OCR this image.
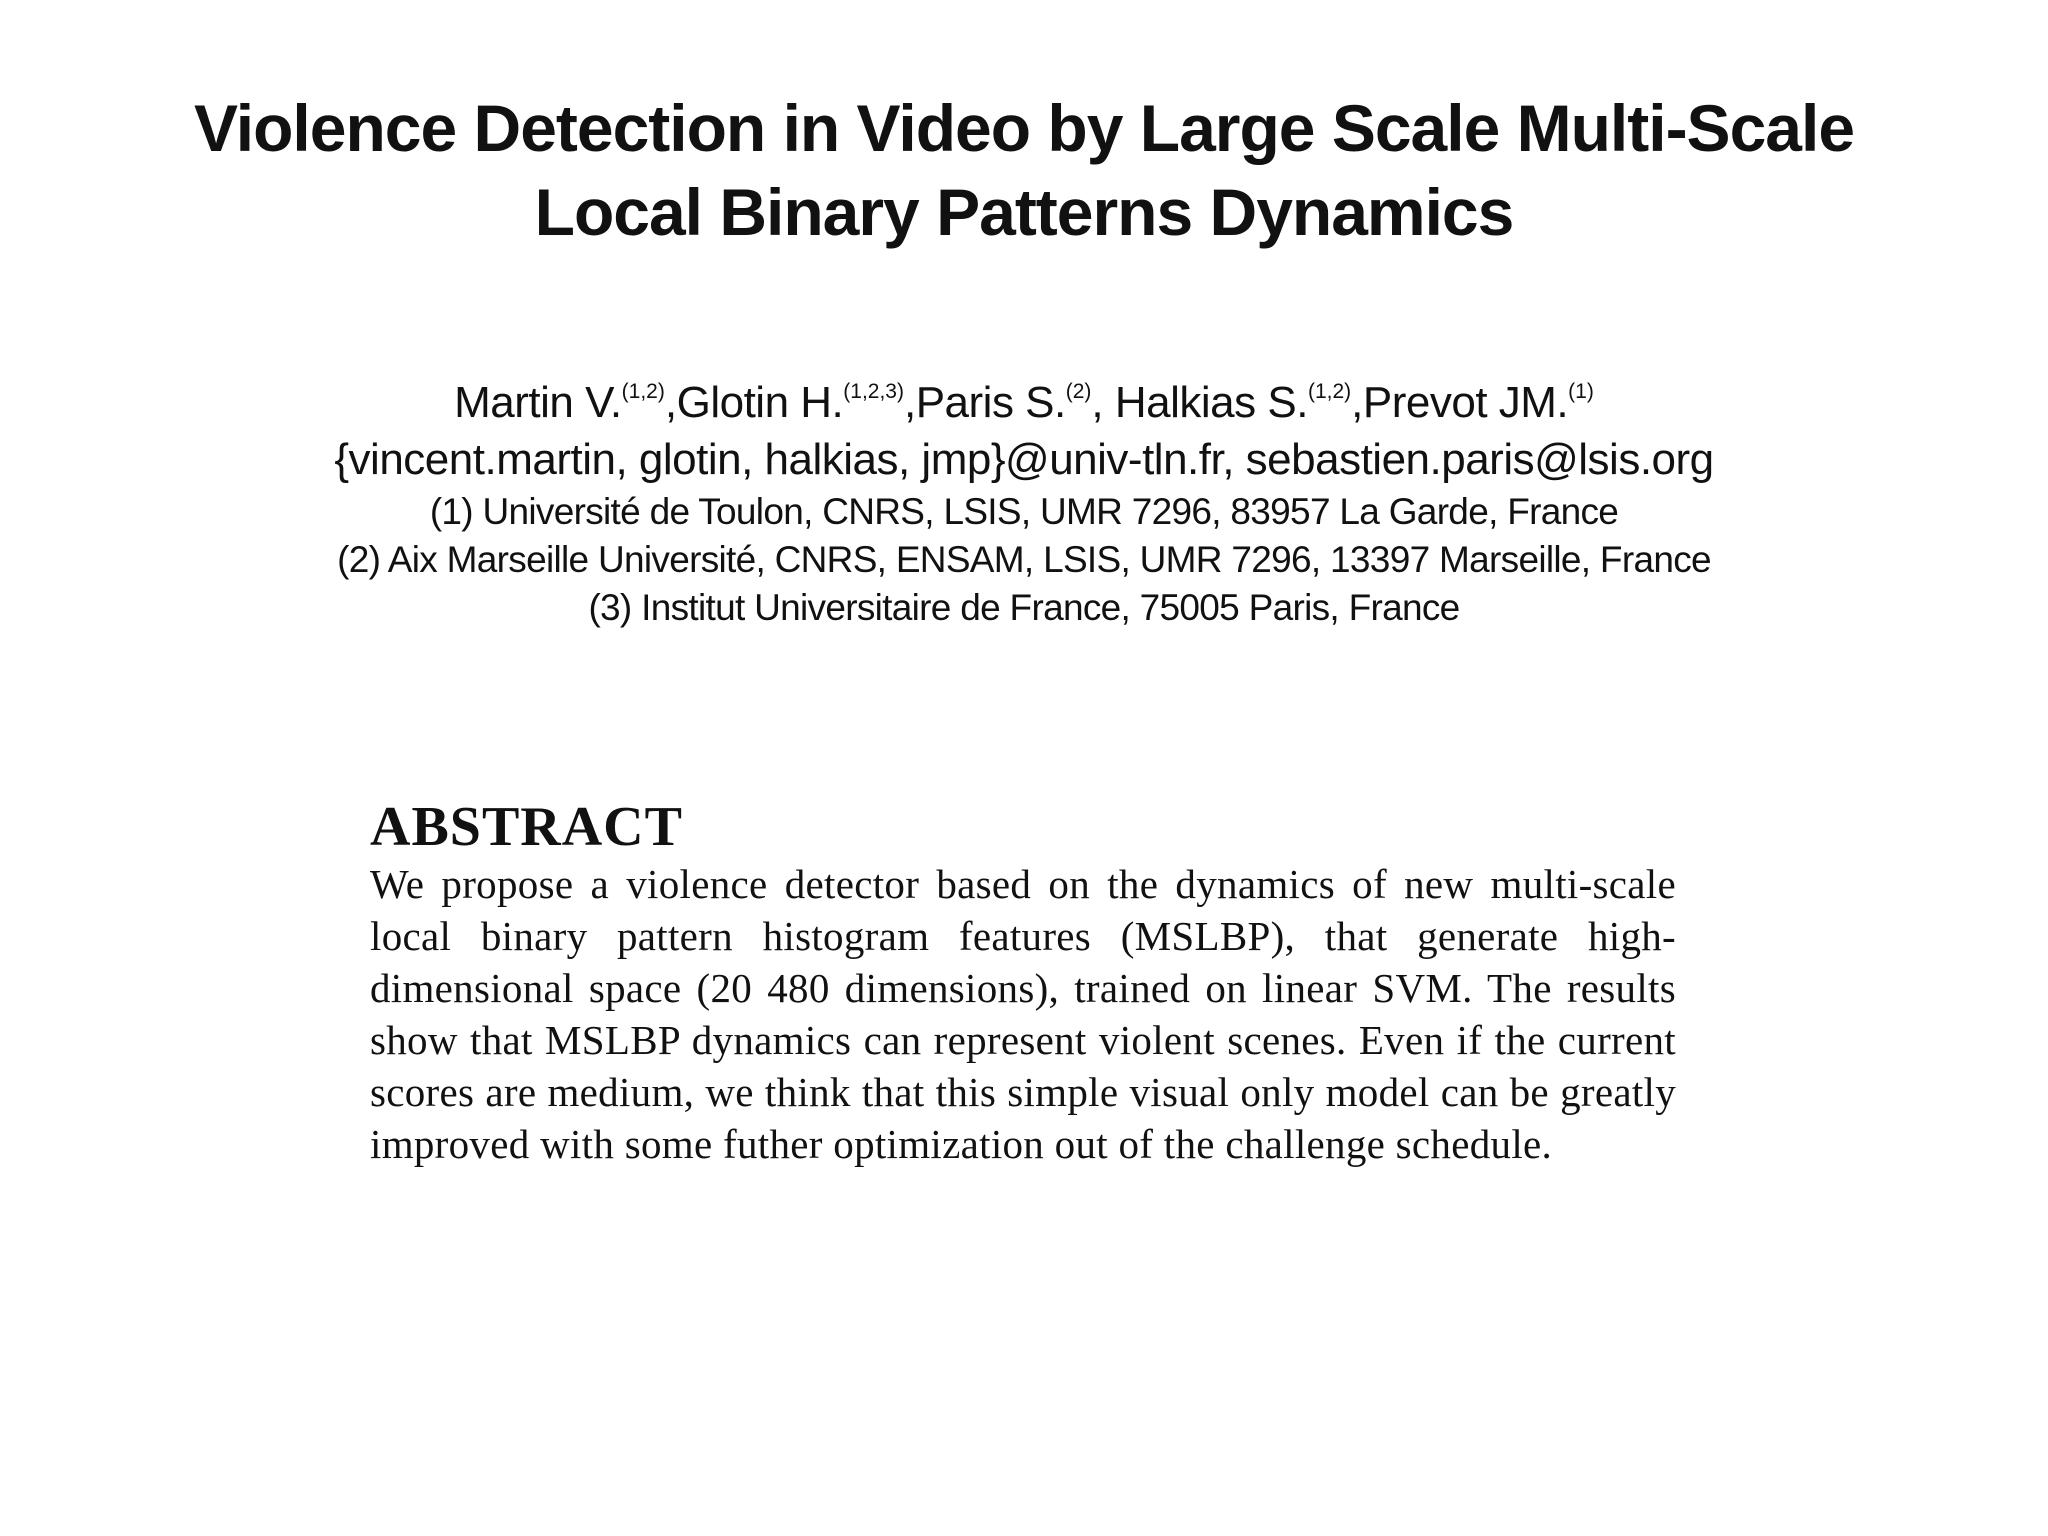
Violence Detection in Video by Large Scale Multi-Scale
Local Binary Patterns Dynamics
Martin V.$^{(1,2)}$,Glotin H.$^{(1,2,3)}$,Paris S.$^{(2)}$, Halkias S.$^{(1,2)}$,Prevot JM.$^{(1)}$
{vincent.martin, glotin, halkias, jmp}@univ-tln.fr, sebastien.paris@lsis.org
(1) Université de Toulon, CNRS, LSIS, UMR 7296, 83957 La Garde, France
(2) Aix Marseille Université, CNRS, ENSAM, LSIS, UMR 7296, 13397 Marseille, France
(3) Institut Universitaire de France, 75005 Paris, France
ABSTRACT
We propose a violence detector based on the dynamics of new multi-scale local binary pattern histogram features (MSLBP), that generate high-dimensional space (20 480 dimensions), trained on linear SVM. The results show that MSLBP dynamics can represent violent scenes. Even if the current scores are medium, we think that this simple visual only model can be greatly improved with some futher optimization out of the challenge schedule.
